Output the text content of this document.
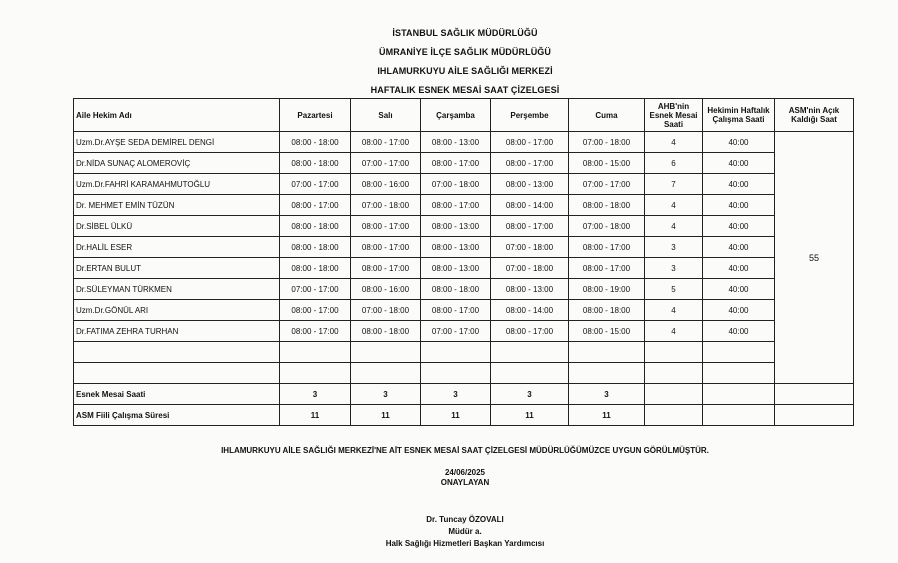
İSTANBUL SAĞLIK MÜDÜRLÜĞÜ
ÜMRANİYE İLÇE SAĞLIK MÜDÜRLÜĞÜ
IHLAMURKUYU AİLE SAĞLIĞI MERKEZİ
HAFTALIK ESNEK MESAİ SAAT ÇİZELGESİ
Aile Hekim Adı	Pazartesi	Salı	Çarşamba	Perşembe	Cuma	AHB'nin Esnek Mesai Saati	Hekimin Haftalık Çalışma Saati	ASM'nin Açık Kaldığı Saat
Uzm.Dr.AYŞE SEDA DEMİREL DENGİ	08:00 - 18:00	08:00 - 17:00	08:00 - 13:00	08:00 - 17:00	07:00 - 18:00	4	40:00	55
Dr.NİDA SUNAÇ ALOMEROVİÇ	08:00 - 18:00	07:00 - 17:00	08:00 - 17:00	08:00 - 17:00	08:00 - 15:00	6	40:00	
Uzm.Dr.FAHRİ KARAMAHMUTOĞLU	07:00 - 17:00	08:00 - 16:00	07:00 - 18:00	08:00 - 13:00	07:00 - 17:00	7	40:00	
Dr. MEHMET EMİN TÜZÜN	08:00 - 17:00	07:00 - 18:00	08:00 - 17:00	08:00 - 14:00	08:00 - 18:00	4	40:00	
Dr.SİBEL ÜLKÜ	08:00 - 18:00	08:00 - 17:00	08:00 - 13:00	08:00 - 17:00	07:00 - 18:00	4	40:00	
Dr.HALİL ESER	08:00 - 18:00	08:00 - 17:00	08:00 - 13:00	07:00 - 18:00	08:00 - 17:00	3	40:00	
Dr.ERTAN BULUT	08:00 - 18:00	08:00 - 17:00	08:00 - 13:00	07:00 - 18:00	08:00 - 17:00	3	40:00	
Dr.SÜLEYMAN TÜRKMEN	07:00 - 17:00	08:00 - 16:00	08:00 - 18:00	08:00 - 13:00	08:00 - 19:00	5	40:00	
Uzm.Dr.GÖNÜL ARI	08:00 - 17:00	07:00 - 18:00	08:00 - 17:00	08:00 - 14:00	08:00 - 18:00	4	40:00	
Dr.FATIMA ZEHRA TURHAN	08:00 - 17:00	08:00 - 18:00	07:00 - 17:00	08:00 - 17:00	08:00 - 15:00	4	40:00	

Esnek Mesai Saati	3	3	3	3	3			
ASM Fiili Çalışma Süresi	11	11	11	11	11			
IHLAMURKUYU AİLE SAĞLIĞI MERKEZİ'NE AİT ESNEK MESAİ SAAT ÇİZELGESİ MÜDÜRLÜĞÜMÜZCE UYGUN GÖRÜLMÜŞTÜR.
24/06/2025
ONAYLAYAN
Dr. Tuncay ÖZOVALI
Müdür a.
Halk Sağlığı Hizmetleri Başkan Yardımcısı
